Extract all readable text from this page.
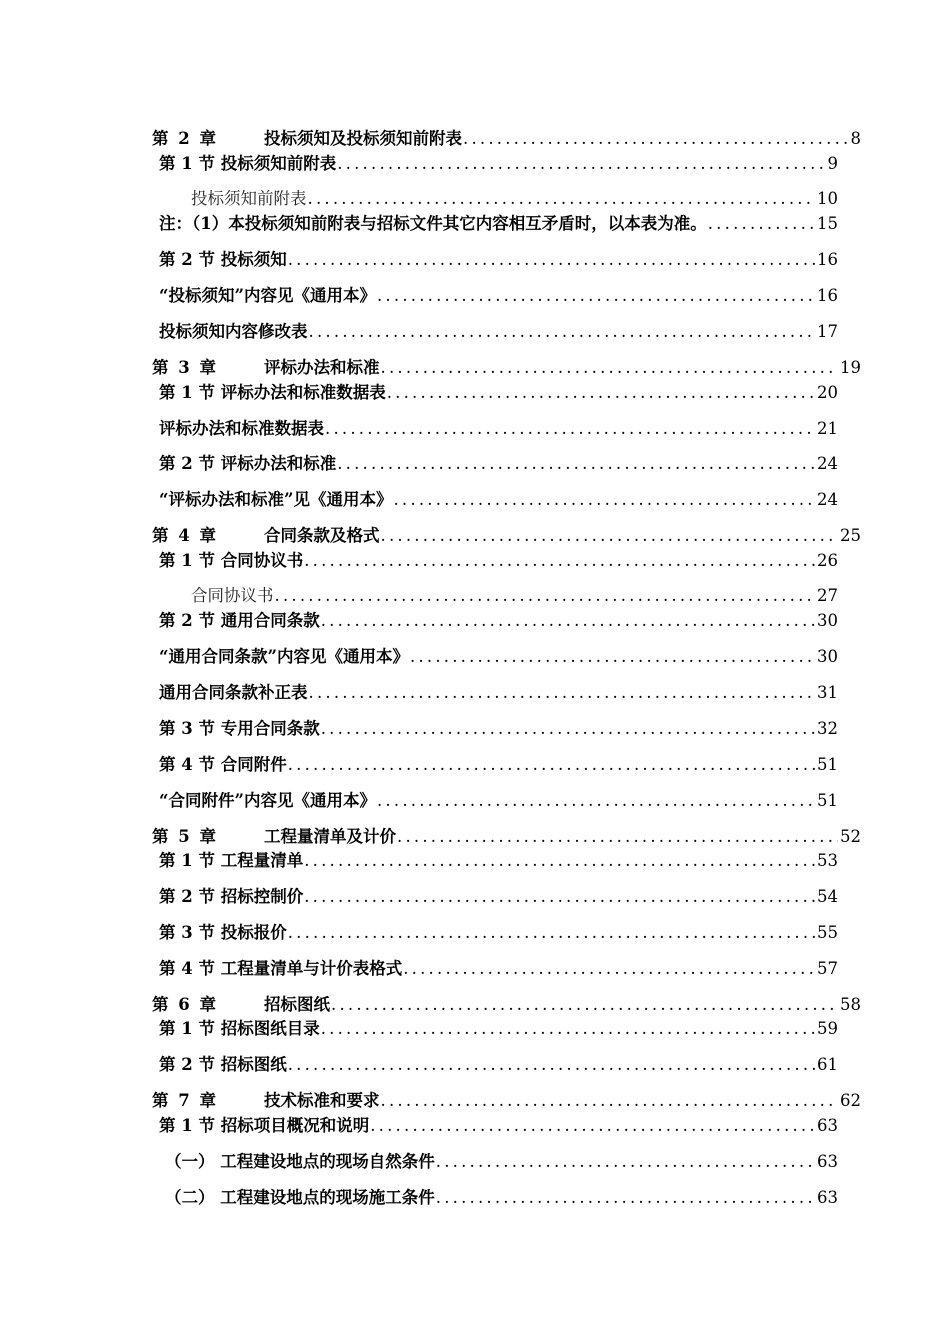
第 2 章	投标须知及投标须知前附表 .....	8
第 1 节 投标须知前附表 .....	9
投标须知前附表 .....	10
注：（1）本投标须知前附表与招标文件其它内容相互矛盾时，以本表为准。 .....	15
第 2 节 投标须知 .....	16
“投标须知”内容见《通用本》 .....	16
投标须知内容修改表 .....	17
第 3 章	评标办法和标准 .....	19
第 1 节 评标办法和标准数据表 .....	20
评标办法和标准数据表 .....	21
第 2 节 评标办法和标准 .....	24
“评标办法和标准”见《通用本》 .....	24
第 4 章	合同条款及格式 .....	25
第 1 节 合同协议书 .....	26
合同协议书 .....	27
第 2 节 通用合同条款 .....	30
“通用合同条款”内容见《通用本》 .....	30
通用合同条款补正表 .....	31
第 3 节 专用合同条款 .....	32
第 4 节 合同附件 .....	51
“合同附件”内容见《通用本》 .....	51
第 5 章	工程量清单及计价 .....	52
第 1 节 工程量清单 .....	53
第 2 节 招标控制价 .....	54
第 3 节 投标报价 .....	55
第 4 节 工程量清单与计价表格式 .....	57
第 6 章	招标图纸 .....	58
第 1 节 招标图纸目录 .....	59
第 2 节 招标图纸 .....	61
第 7 章	技术标准和要求 .....	62
第 1 节 招标项目概况和说明 .....	63
（一） 工程建设地点的现场自然条件 .....	63
（二） 工程建设地点的现场施工条件 .....	63
